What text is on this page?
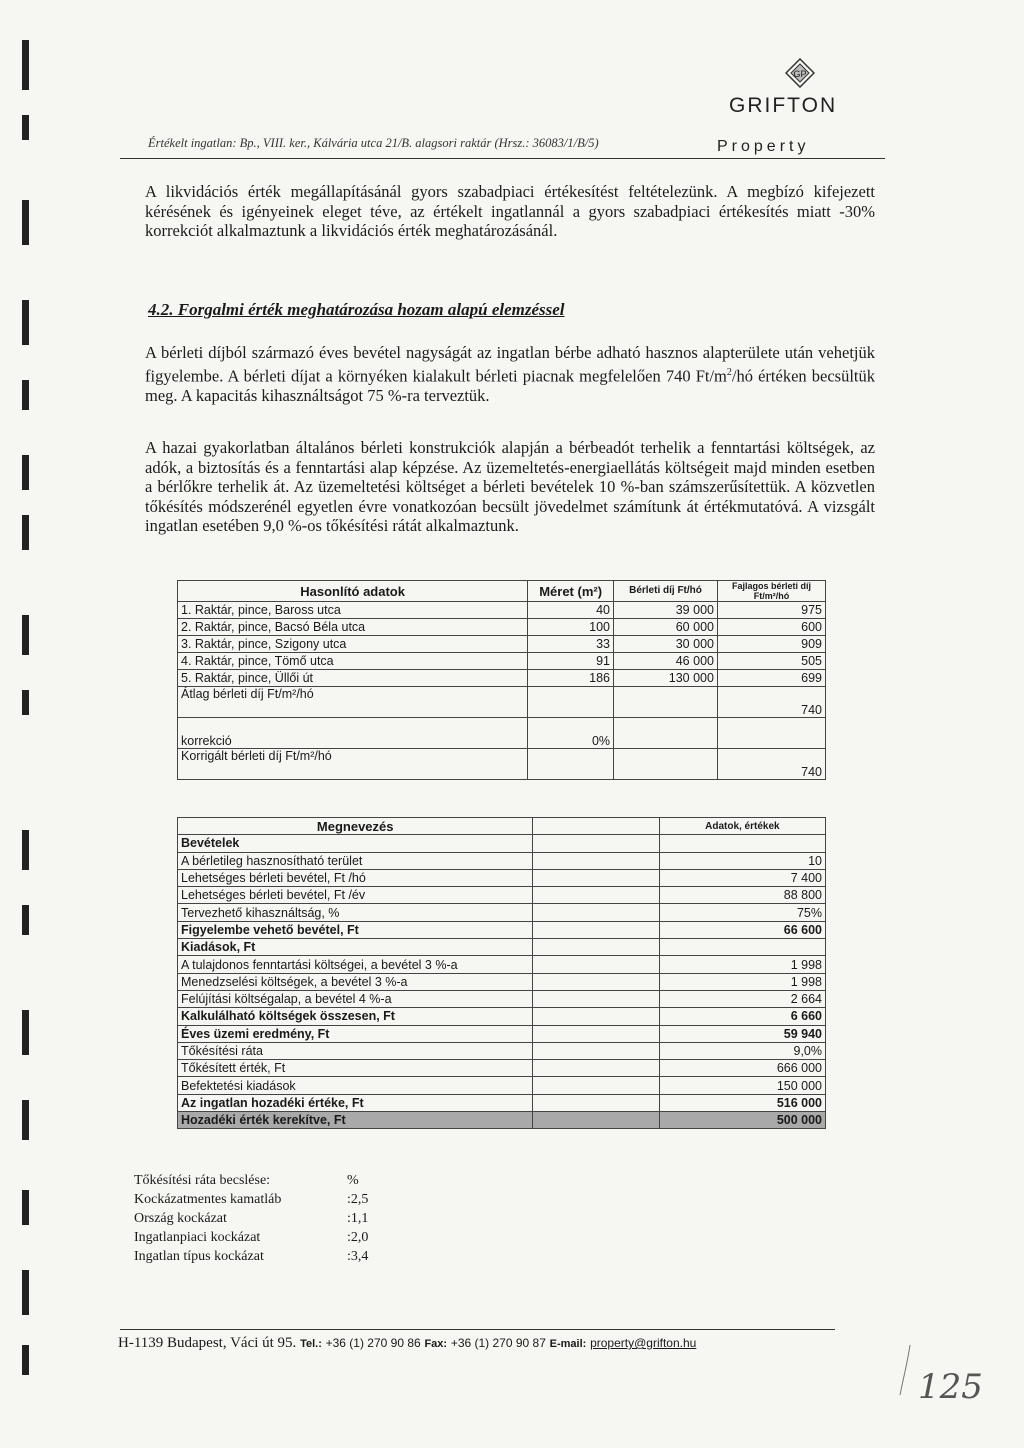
Értékelt ingatlan: Bp., VIII. ker., Kálvária utca 21/B. alagsori raktár (Hrsz.: 36083/1/B/5)
GP
GRIFTON
Property
A likvidációs érték megállapításánál gyors szabadpiaci értékesítést feltételezünk. A megbízó kifejezett kérésének és igényeinek eleget téve, az értékelt ingatlannál a gyors szabadpiaci értékesítés miatt -30% korrekciót alkalmaztunk a likvidációs érték meghatározásánál.
4.2. Forgalmi érték meghatározása hozam alapú elemzéssel
A bérleti díjból származó éves bevétel nagyságát az ingatlan bérbe adható hasznos alapterülete után vehetjük figyelembe. A bérleti díjat a környéken kialakult bérleti piacnak megfelelően 740 $Ft/m^2/hó$ értéken becsültük meg. A kapacitás kihasználtságot 75 %-ra terveztük.
A hazai gyakorlatban általános bérleti konstrukciók alapján a bérbeadót terhelik a fenntartási költségek, az adók, a biztosítás és a fenntartási alap képzése. Az üzemeltetés-energiaellátás költségeit majd minden esetben a bérlőkre terhelik át. Az üzemeltetési költséget a bérleti bevételek 10 %-ban számszerűsítettük. A közvetlen tőkésítés módszerénél egyetlen évre vonatkozóan becsült jövedelmet számítunk át értékmutatóvá. A vizsgált ingatlan esetében 9,0 %-os tőkésítési rátát alkalmaztunk.
Hasonlító adatok	Méret (m²)	Bérleti díj Ft/hó	Fajlagos bérleti díj Ft/m²/hó
1. Raktár, pince, Baross utca	40	39 000	975
2. Raktár, pince, Bacsó Béla utca	100	60 000	600
3. Raktár, pince, Szigony utca	33	30 000	909
4. Raktár, pince, Tömő utca	91	46 000	505
5. Raktár, pince, Üllői út	186	130 000	699
Átlag bérleti díj Ft/m²/hó			740
korrekció	0%		
Korrigált bérleti díj Ft/m²/hó			740
Megnevezés		Adatok, értékek
Bevételek		
A bérletileg hasznosítható terület		10
Lehetséges bérleti bevétel, Ft /hó		7 400
Lehetséges bérleti bevétel, Ft /év		88 800
Tervezhető kihasználtság, %		75%
Figyelembe vehető bevétel, Ft		66 600
Kiadások, Ft		
A tulajdonos fenntartási költségei, a bevétel 3 %-a		1 998
Menedzselési költségek, a bevétel 3 %-a		1 998
Felújítási költségalap, a bevétel 4 %-a		2 664
Kalkulálható költségek összesen, Ft		6 660
Éves üzemi eredmény, Ft		59 940
Tőkésítési ráta		9,0%
Tőkésített érték, Ft		666 000
Befektetési kiadások		150 000
Az ingatlan hozadéki értéke, Ft		516 000
Hozadéki érték kerekítve, Ft		500 000
Tőkésítési ráta becslése:	%
Kockázatmentes kamatláb	:2,5
Ország kockázat	:1,1
Ingatlanpiaci kockázat	:2,0
Ingatlan típus kockázat	:3,4
H-1139 Budapest, Váci út 95. Tel.: +36 (1) 270 90 86 Fax: +36 (1) 270 90 87 E-mail: property@grifton.hu
125
